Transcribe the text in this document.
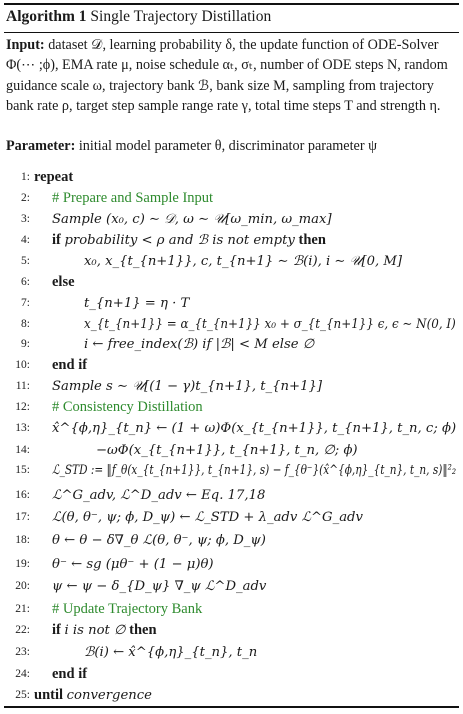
Algorithm 1 Single Trajectory Distillation
Input: dataset 𝒟, learning probability δ, the update function of ODE-Solver Φ(⋯ ;ϕ), EMA rate μ, noise schedule αₜ, σₜ, number of ODE steps N, random guidance scale ω, trajectory bank ℬ, bank size M, sampling from trajectory bank rate ρ, target step sample range rate γ, total time steps T and strength η.
Parameter: initial model parameter θ, discriminator parameter ψ
1: repeat
2: # Prepare and Sample Input
3: Sample (x₀, c) ∼ 𝒟, ω ∼ 𝒰[ω_min, ω_max]
4: if probability < ρ and ℬ is not empty then
5:	x₀, x_{t_{n+1}}, c, t_{n+1} ∼ ℬ(i), i ∼ 𝒰[0, M]
6: else
7:	t_{n+1} = η · T
8:	x_{t_{n+1}} = α_{t_{n+1}} x₀ + σ_{t_{n+1}} ϵ, ϵ ∼ N(0, I)
9:	i ← free_index(ℬ) if |ℬ| < M else ∅
10: end if
11: Sample s ∼ 𝒰[(1 − γ)t_{n+1}, t_{n+1}]
12: # Consistency Distillation
13: x̂^{ϕ,η}_{t_n} ← (1 + ω)Φ(x_{t_{n+1}}, t_{n+1}, t_n, c; ϕ)
14:	−ωΦ(x_{t_{n+1}}, t_{n+1}, t_n, ∅; ϕ)
15: ℒ_STD := ‖f_θ(x_{t_{n+1}}, t_{n+1}, s) − f_{θ⁻}(x̂^{ϕ,η}_{t_n}, t_n, s)‖²₂
16: ℒ^G_adv, ℒ^D_adv ← Eq. 17,18
17: ℒ(θ, θ⁻, ψ; ϕ, D_ψ) ← ℒ_STD + λ_adv ℒ^G_adv
18: θ ← θ − δ∇_θ ℒ(θ, θ⁻, ψ; ϕ, D_ψ)
19: θ⁻ ← sg (μθ⁻ + (1 − μ)θ)
20: ψ ← ψ − δ_{D_ψ} ∇_ψ ℒ^D_adv
21: # Update Trajectory Bank
22: if i is not ∅ then
23:	ℬ(i) ← x̂^{ϕ,η}_{t_n}, t_n
24: end if
25: until convergence
